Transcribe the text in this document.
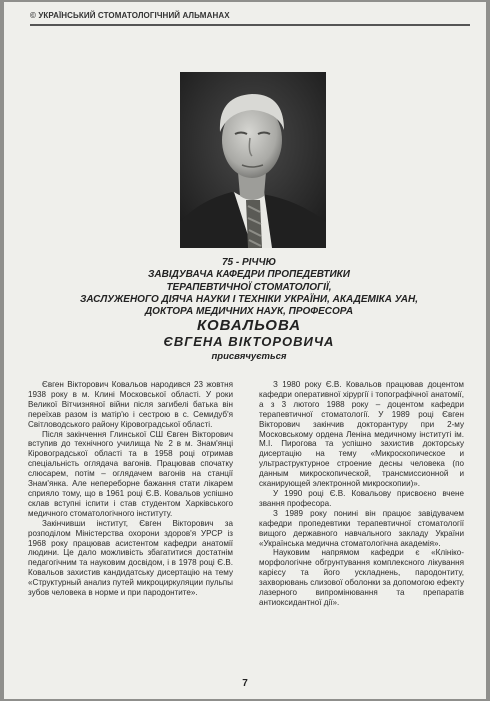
© УКРАЇНСЬКИЙ СТОМАТОЛОГІЧНИЙ АЛЬМАНАХ
75 - РІЧЧЮ
ЗАВІДУВАЧА КАФЕДРИ ПРОПЕДЕВТИКИ
ТЕРАПЕВТИЧНОЇ СТОМАТОЛОГІЇ,
ЗАСЛУЖЕНОГО ДІЯЧА НАУКИ І ТЕХНІКИ УКРАЇНИ, АКАДЕМІКА УАН,
ДОКТОРА МЕДИЧНИХ НАУК, ПРОФЕСОРА
КОВАЛЬОВА
ЄВГЕНА ВІКТОРОВИЧА
присвячується

Євген Вікторович Ковальов народився 23 жовтня 1938 року в м. Клині Московської області. У роки Великої Вітчизняної війни після загибелі батька він переїхав разом із матір'ю і сестрою в с. Семидуб'я Світловодського району Кіровоградської області.

Після закінчення Глинської СШ Євген Вікторович вступив до технічного училища № 2 в м. Знам'янці Кіровоградської області та в 1958 році отримав спеціальність оглядача вагонів. Працював спочатку слюсарем, потім – оглядачем вагонів на станції Знам'янка. Але непереборне бажання стати лікарем сприяло тому, що в 1961 році Є.В. Ковальов успішно склав вступні іспити і став студентом Харківського медичного стоматологічного інституту.

Закінчивши інститут, Євген Вікторович за розподілом Міністерства охорони здоров'я УРСР із 1968 року працював асистентом кафедри анатомії людини. Це дало можливість збагатитися достатнім педагогічним та науковим досвідом, і в 1978 році Є.В. Ковальов захистив кандидатську дисертацію на тему «Структурный анализ путей микроциркуляции пульпы зубов человека в норме и при пародонтите».

З 1980 року Є.В. Ковальов працював доцентом кафедри оперативної хірургії і топографічної анатомії, а з 3 лютого 1988 року – доцентом кафедри терапевтичної стоматології. У 1989 році Євген Вікторович закінчив докторантуру при 2-му Московському ордена Леніна медичному інституті ім. М.І. Пирогова та успішно захистив докторську дисертацію на тему «Микроскопическое и ультраструктурное строение десны человека (по данным микроскопической, трансмиссионной и сканирующей электронной микроскопии)».

У 1990 році Є.В. Ковальову присвоєно вчене звання професора.

З 1989 року понині він працює завідувачем кафедри пропедевтики терапевтичної стоматології вищого державного навчального закладу України «Українська медична стоматологічна академія».

Науковим напрямом кафедри є «Клініко-морфологічне обгрунтування комплексного лікування карієсу та його ускладнень, пародонтиту, захворювань слизової оболонки за допомогою ефекту лазерного випромінювання та препаратів антиоксидантної дії».

7
